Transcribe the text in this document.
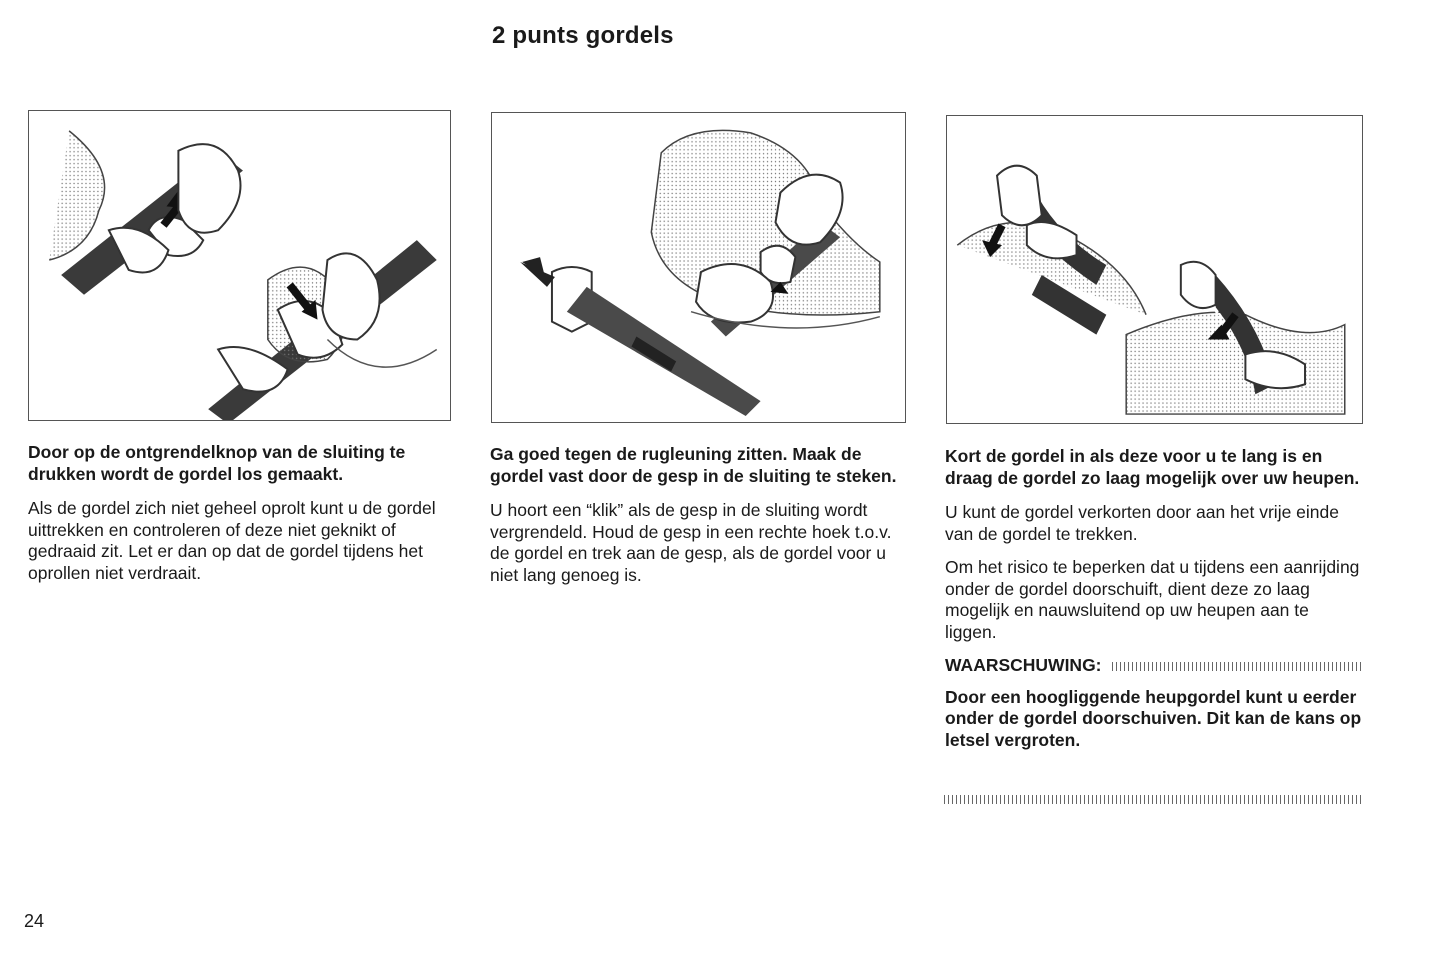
2 punts gordels

Door op de ontgrendelknop van de sluiting te drukken wordt de gordel los gemaakt.

Als de gordel zich niet geheel oprolt kunt u de gordel uittrekken en controleren of deze niet geknikt of gedraaid zit. Let er dan op dat de gordel tijdens het oprollen niet verdraait.

Ga goed tegen de rugleuning zitten. Maak de gordel vast door de gesp in de sluiting te steken.

U hoort een “klik” als de gesp in de sluiting wordt vergrendeld. Houd de gesp in een rechte hoek t.o.v. de gordel en trek aan de gesp, als de gordel voor u niet lang genoeg is.

Kort de gordel in als deze voor u te lang is en draag de gordel zo laag mogelijk over uw heupen.

U kunt de gordel verkorten door aan het vrije einde van de gordel te trekken.

Om het risico te beperken dat u tijdens een aanrijding onder de gordel doorschuift, dient deze zo laag mogelijk en nauwsluitend op uw heupen aan te liggen.

WAARSCHUWING:

Door een hoogliggende heupgordel kunt u eerder onder de gordel doorschuiven. Dit kan de kans op letsel vergroten.

24
